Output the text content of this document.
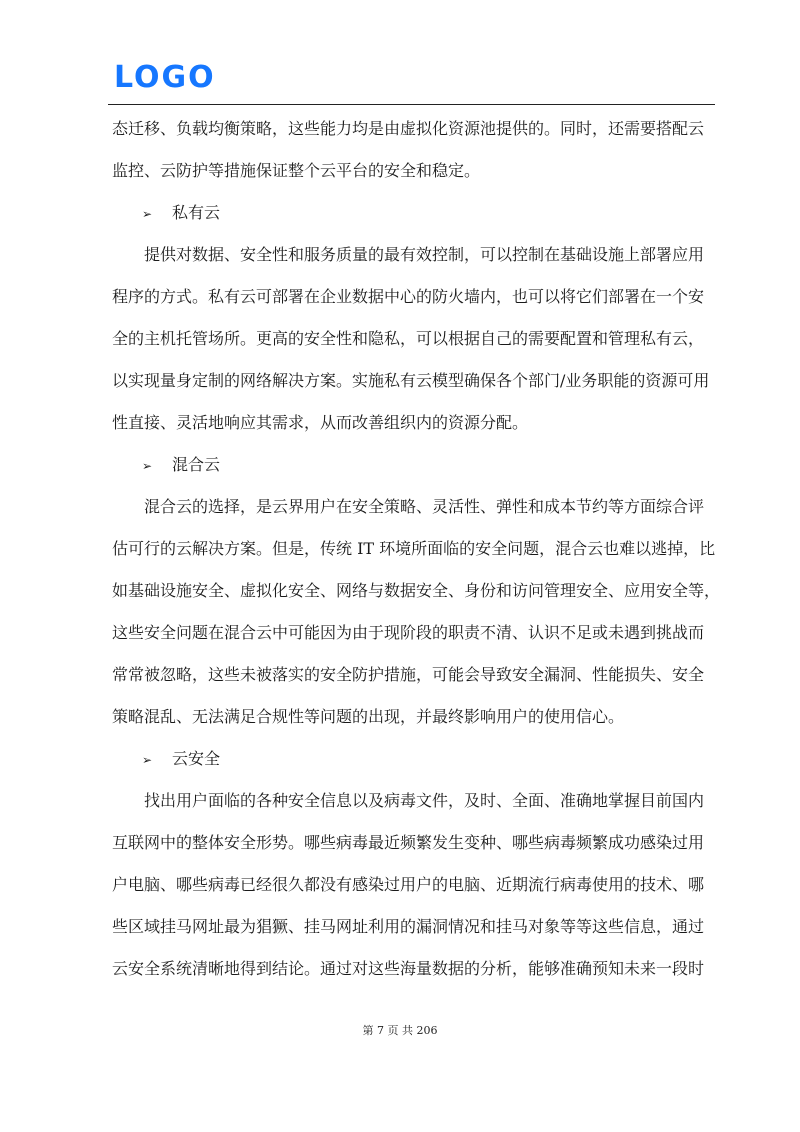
LOGO

态迁移、负载均衡策略，这些能力均是由虚拟化资源池提供的。同时，还需要搭配云

监控、云防护等措施保证整个云平台的安全和稳定。

➢ 私有云

提供对数据、安全性和服务质量的最有效控制，可以控制在基础设施上部署应用

程序的方式。私有云可部署在企业数据中心的防火墙内，也可以将它们部署在一个安

全的主机托管场所。更高的安全性和隐私，可以根据自己的需要配置和管理私有云，

以实现量身定制的网络解决方案。实施私有云模型确保各个部门/业务职能的资源可用

性直接、灵活地响应其需求，从而改善组织内的资源分配。

➢ 混合云

混合云的选择，是云界用户在安全策略、灵活性、弹性和成本节约等方面综合评

估可行的云解决方案。但是，传统 IT 环境所面临的安全问题，混合云也难以逃掉，比

如基础设施安全、虚拟化安全、网络与数据安全、身份和访问管理安全、应用安全等，

这些安全问题在混合云中可能因为由于现阶段的职责不清、认识不足或未遇到挑战而

常常被忽略，这些未被落实的安全防护措施，可能会导致安全漏洞、性能损失、安全

策略混乱、无法满足合规性等问题的出现，并最终影响用户的使用信心。

➢ 云安全

找出用户面临的各种安全信息以及病毒文件，及时、全面、准确地掌握目前国内

互联网中的整体安全形势。哪些病毒最近频繁发生变种、哪些病毒频繁成功感染过用

户电脑、哪些病毒已经很久都没有感染过用户的电脑、近期流行病毒使用的技术、哪

些区域挂马网址最为猖獗、挂马网址利用的漏洞情况和挂马对象等等这些信息，通过

云安全系统清晰地得到结论。通过对这些海量数据的分析，能够准确预知未来一段时

第 7 页 共 206
